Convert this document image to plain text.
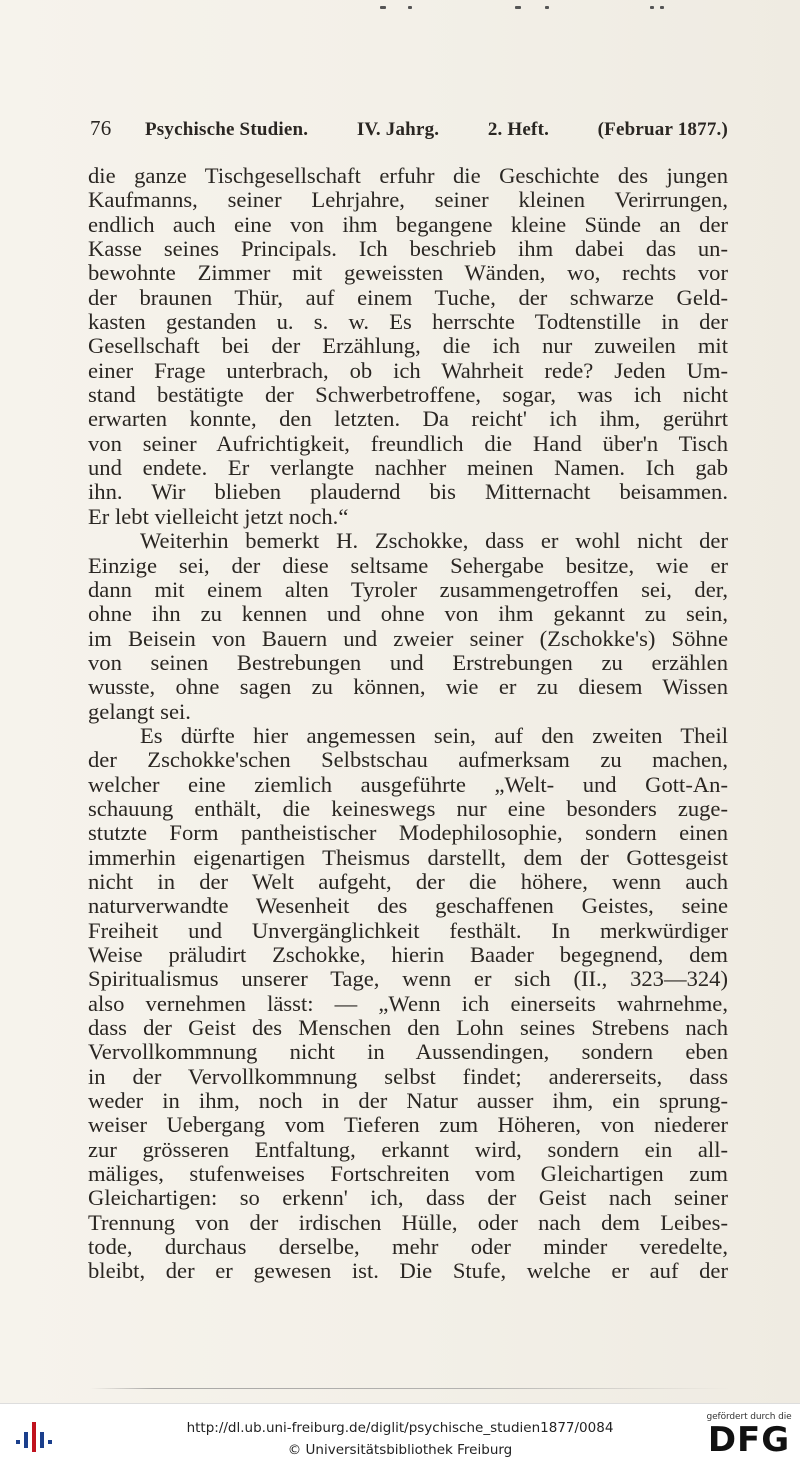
76	Psychische Studien.	IV. Jahrg.	2. Heft.	(Februar 1877.)
die ganze Tischgesellschaft erfuhr die Geschichte des jungen
Kaufmanns, seiner Lehrjahre, seiner kleinen Verirrungen,
endlich auch eine von ihm begangene kleine Sünde an der
Kasse seines Principals. Ich beschrieb ihm dabei das un-
bewohnte Zimmer mit geweissten Wänden, wo, rechts vor
der braunen Thür, auf einem Tuche, der schwarze Geld-
kasten gestanden u. s. w. Es herrschte Todtenstille in der
Gesellschaft bei der Erzählung, die ich nur zuweilen mit
einer Frage unterbrach, ob ich Wahrheit rede? Jeden Um-
stand bestätigte der Schwerbetroffene, sogar, was ich nicht
erwarten konnte, den letzten. Da reicht' ich ihm, gerührt
von seiner Aufrichtigkeit, freundlich die Hand über'n Tisch
und endete. Er verlangte nachher meinen Namen. Ich gab
ihn. Wir blieben plaudernd bis Mitternacht beisammen.
Er lebt vielleicht jetzt noch.“
Weiterhin bemerkt H. Zschokke, dass er wohl nicht der
Einzige sei, der diese seltsame Sehergabe besitze, wie er
dann mit einem alten Tyroler zusammengetroffen sei, der,
ohne ihn zu kennen und ohne von ihm gekannt zu sein,
im Beisein von Bauern und zweier seiner (Zschokke's) Söhne
von seinen Bestrebungen und Erstrebungen zu erzählen
wusste, ohne sagen zu können, wie er zu diesem Wissen
gelangt sei.
Es dürfte hier angemessen sein, auf den zweiten Theil
der Zschokke'schen Selbstschau aufmerksam zu machen,
welcher eine ziemlich ausgeführte „Welt- und Gott-An-
schauung enthält, die keineswegs nur eine besonders zuge-
stutzte Form pantheistischer Modephilosophie, sondern einen
immerhin eigenartigen Theismus darstellt, dem der Gottesgeist
nicht in der Welt aufgeht, der die höhere, wenn auch
naturverwandte Wesenheit des geschaffenen Geistes, seine
Freiheit und Unvergänglichkeit festhält. In merkwürdiger
Weise präludirt Zschokke, hierin Baader begegnend, dem
Spiritualismus unserer Tage, wenn er sich (II., 323—324)
also vernehmen lässt: — „Wenn ich einerseits wahrnehme,
dass der Geist des Menschen den Lohn seines Strebens nach
Vervollkommnung nicht in Aussendingen, sondern eben
in der Vervollkommnung selbst findet; andererseits, dass
weder in ihm, noch in der Natur ausser ihm, ein sprung-
weiser Uebergang vom Tieferen zum Höheren, von niederer
zur grösseren Entfaltung, erkannt wird, sondern ein all-
mäliges, stufenweises Fortschreiten vom Gleichartigen zum
Gleichartigen: so erkenn' ich, dass der Geist nach seiner
Trennung von der irdischen Hülle, oder nach dem Leibes-
tode, durchaus derselbe, mehr oder minder veredelte,
bleibt, der er gewesen ist. Die Stufe, welche er auf der
http://dl.ub.uni-freiburg.de/diglit/psychische_studien1877/0084
© Universitätsbibliothek Freiburg
gefördert durch die
DFG
